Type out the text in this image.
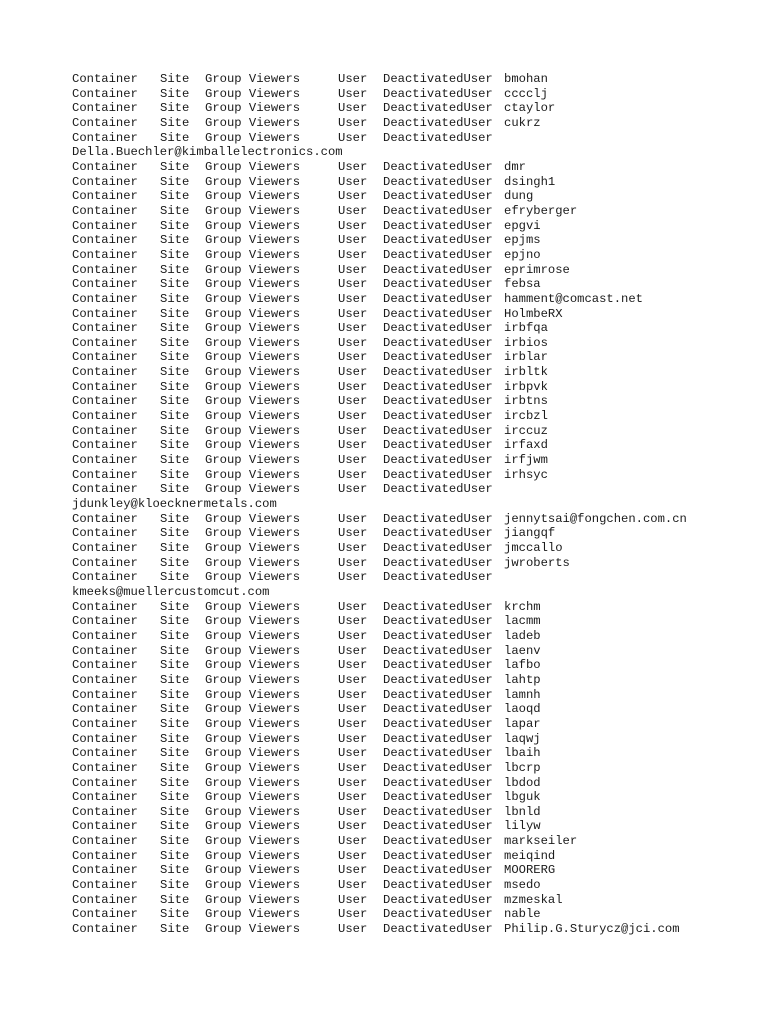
Container Site Group Viewers	User DeactivatedUser bmohan
Container Site Group Viewers	User DeactivatedUser cccclj
Container Site Group Viewers	User DeactivatedUser ctaylor
Container Site Group Viewers	User DeactivatedUser cukrz
Container Site Group Viewers	User DeactivatedUser
Della.Buechler@kimballelectronics.com
Container Site Group Viewers	User DeactivatedUser dmr
Container Site Group Viewers	User DeactivatedUser dsingh1
Container Site Group Viewers	User DeactivatedUser dung
Container Site Group Viewers	User DeactivatedUser efryberger
Container Site Group Viewers	User DeactivatedUser epgvi
Container Site Group Viewers	User DeactivatedUser epjms
Container Site Group Viewers	User DeactivatedUser epjno
Container Site Group Viewers	User DeactivatedUser eprimrose
Container Site Group Viewers	User DeactivatedUser febsa
Container Site Group Viewers	User DeactivatedUser hamment@comcast.net
Container Site Group Viewers	User DeactivatedUser HolmbeRX
Container Site Group Viewers	User DeactivatedUser irbfqa
Container Site Group Viewers	User DeactivatedUser irbios
Container Site Group Viewers	User DeactivatedUser irblar
Container Site Group Viewers	User DeactivatedUser irbltk
Container Site Group Viewers	User DeactivatedUser irbpvk
Container Site Group Viewers	User DeactivatedUser irbtns
Container Site Group Viewers	User DeactivatedUser ircbzl
Container Site Group Viewers	User DeactivatedUser irccuz
Container Site Group Viewers	User DeactivatedUser irfaxd
Container Site Group Viewers	User DeactivatedUser irfjwm
Container Site Group Viewers	User DeactivatedUser irhsyc
Container Site Group Viewers	User DeactivatedUser
jdunkley@kloecknermetals.com
Container Site Group Viewers	User DeactivatedUser jennytsai@fongchen.com.cn
Container Site Group Viewers	User DeactivatedUser jiangqf
Container Site Group Viewers	User DeactivatedUser jmccallo
Container Site Group Viewers	User DeactivatedUser jwroberts
Container Site Group Viewers	User DeactivatedUser
kmeeks@muellercustomcut.com
Container Site Group Viewers	User DeactivatedUser krchm
Container Site Group Viewers	User DeactivatedUser lacmm
Container Site Group Viewers	User DeactivatedUser ladeb
Container Site Group Viewers	User DeactivatedUser laenv
Container Site Group Viewers	User DeactivatedUser lafbo
Container Site Group Viewers	User DeactivatedUser lahtp
Container Site Group Viewers	User DeactivatedUser lamnh
Container Site Group Viewers	User DeactivatedUser laoqd
Container Site Group Viewers	User DeactivatedUser lapar
Container Site Group Viewers	User DeactivatedUser laqwj
Container Site Group Viewers	User DeactivatedUser lbaih
Container Site Group Viewers	User DeactivatedUser lbcrp
Container Site Group Viewers	User DeactivatedUser lbdod
Container Site Group Viewers	User DeactivatedUser lbguk
Container Site Group Viewers	User DeactivatedUser lbnld
Container Site Group Viewers	User DeactivatedUser lilyw
Container Site Group Viewers	User DeactivatedUser markseiler
Container Site Group Viewers	User DeactivatedUser meiqind
Container Site Group Viewers	User DeactivatedUser MOORERG
Container Site Group Viewers	User DeactivatedUser msedo
Container Site Group Viewers	User DeactivatedUser mzmeskal
Container Site Group Viewers	User DeactivatedUser nable
Container Site Group Viewers	User DeactivatedUser Philip.G.Sturycz@jci.com
